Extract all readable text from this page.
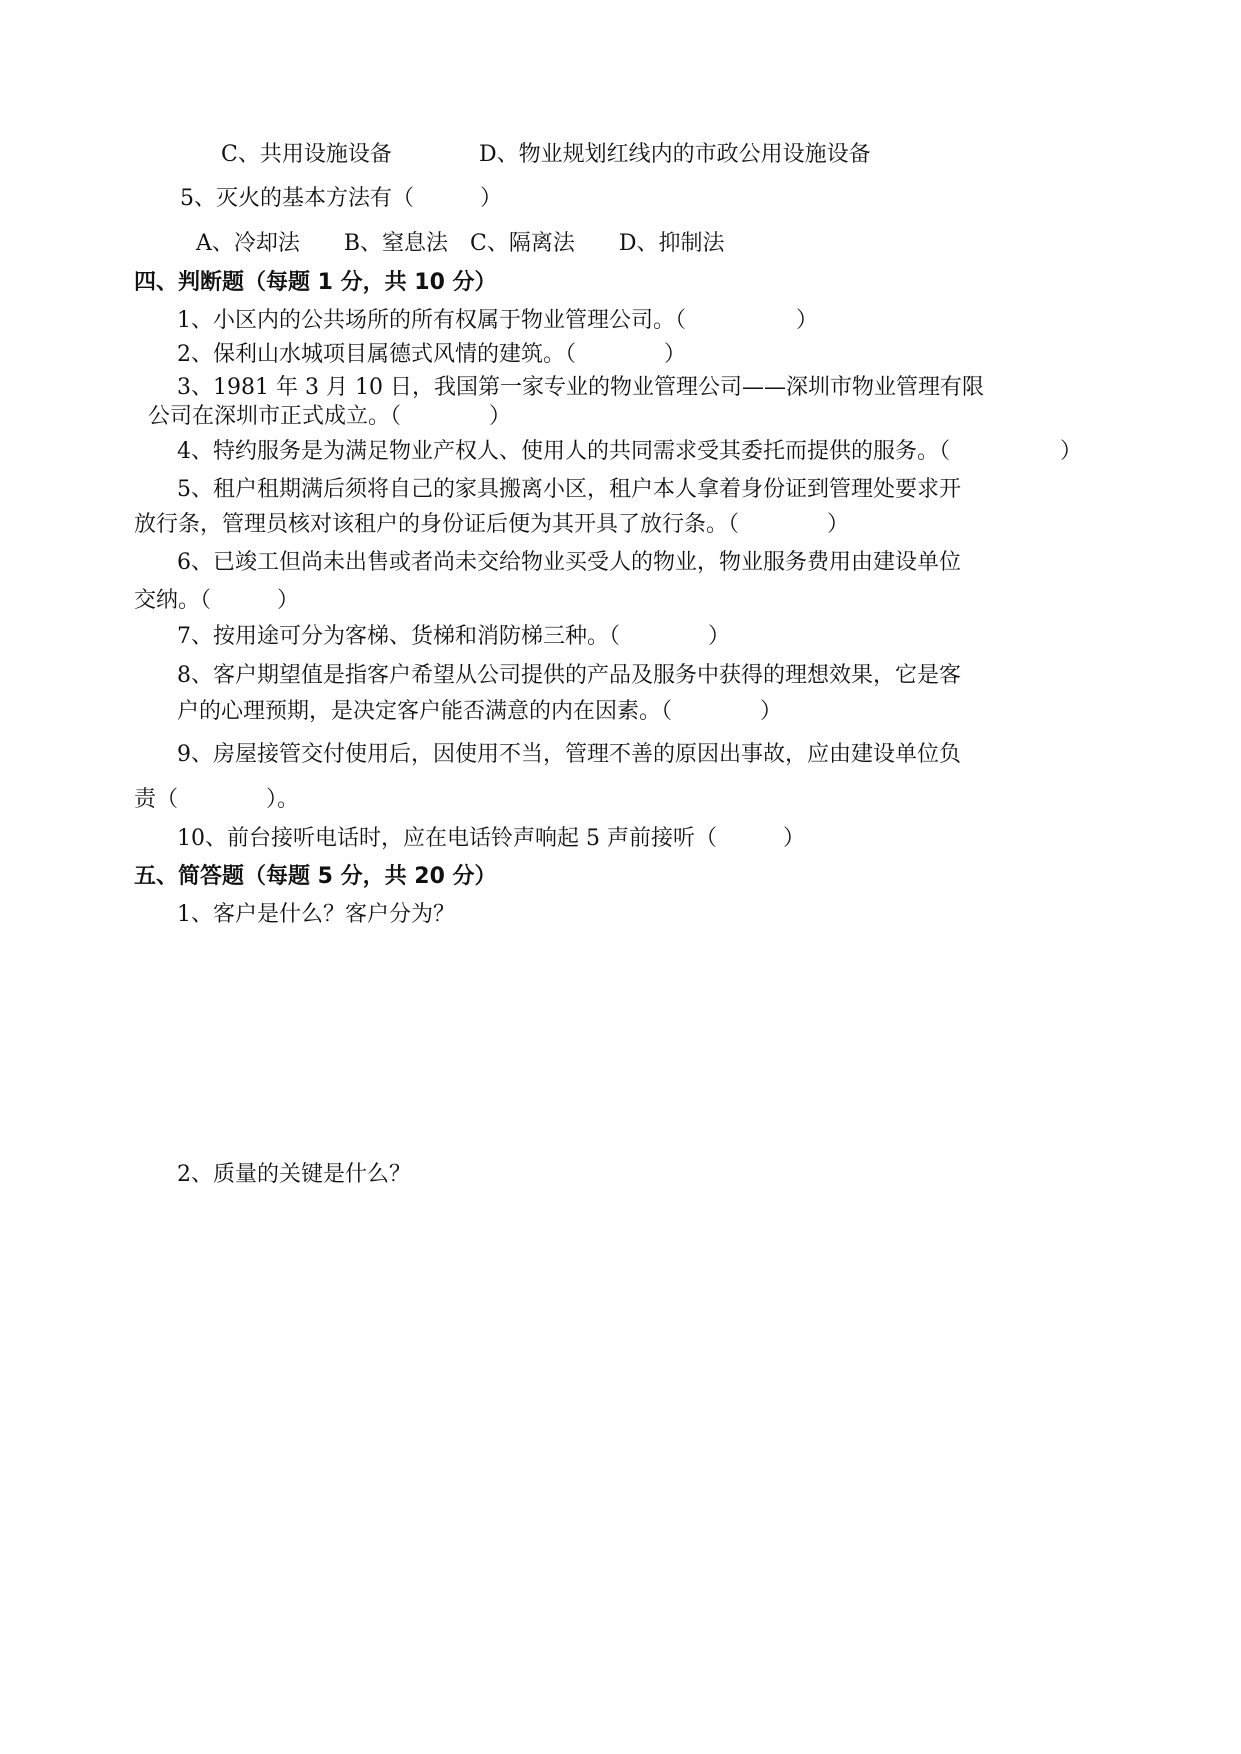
C、共用设施设备	D、物业规划红线内的市政公用设施设备
5、灭火的基本方法有（　　　）
A、冷却法　　B、窒息法　C、隔离法　　D、抑制法
四、判断题（每题 1 分，共 10 分）
1、小区内的公共场所的所有权属于物业管理公司。（　　　　　）
2、保利山水城项目属德式风情的建筑。（　　　　）
3、1981 年 3 月 10 日，我国第一家专业的物业管理公司——深圳市物业管理有限
公司在深圳市正式成立。（　　　　）
4、特约服务是为满足物业产权人、使用人的共同需求受其委托而提供的服务。（　　　　　）
5、租户租期满后须将自己的家具搬离小区，租户本人拿着身份证到管理处要求开
放行条，管理员核对该租户的身份证后便为其开具了放行条。（　　　　）
6、已竣工但尚未出售或者尚未交给物业买受人的物业，物业服务费用由建设单位
交纳。（　　　）
7、按用途可分为客梯、货梯和消防梯三种。（　　　　）
8、客户期望值是指客户希望从公司提供的产品及服务中获得的理想效果，它是客
户的心理预期，是决定客户能否满意的内在因素。（　　　　）
9、房屋接管交付使用后，因使用不当，管理不善的原因出事故，应由建设单位负
责（　　　　）。
10、前台接听电话时，应在电话铃声响起 5 声前接听（　　　）
五、简答题（每题 5 分，共 20 分）
1、客户是什么？客户分为？
2、质量的关键是什么？
